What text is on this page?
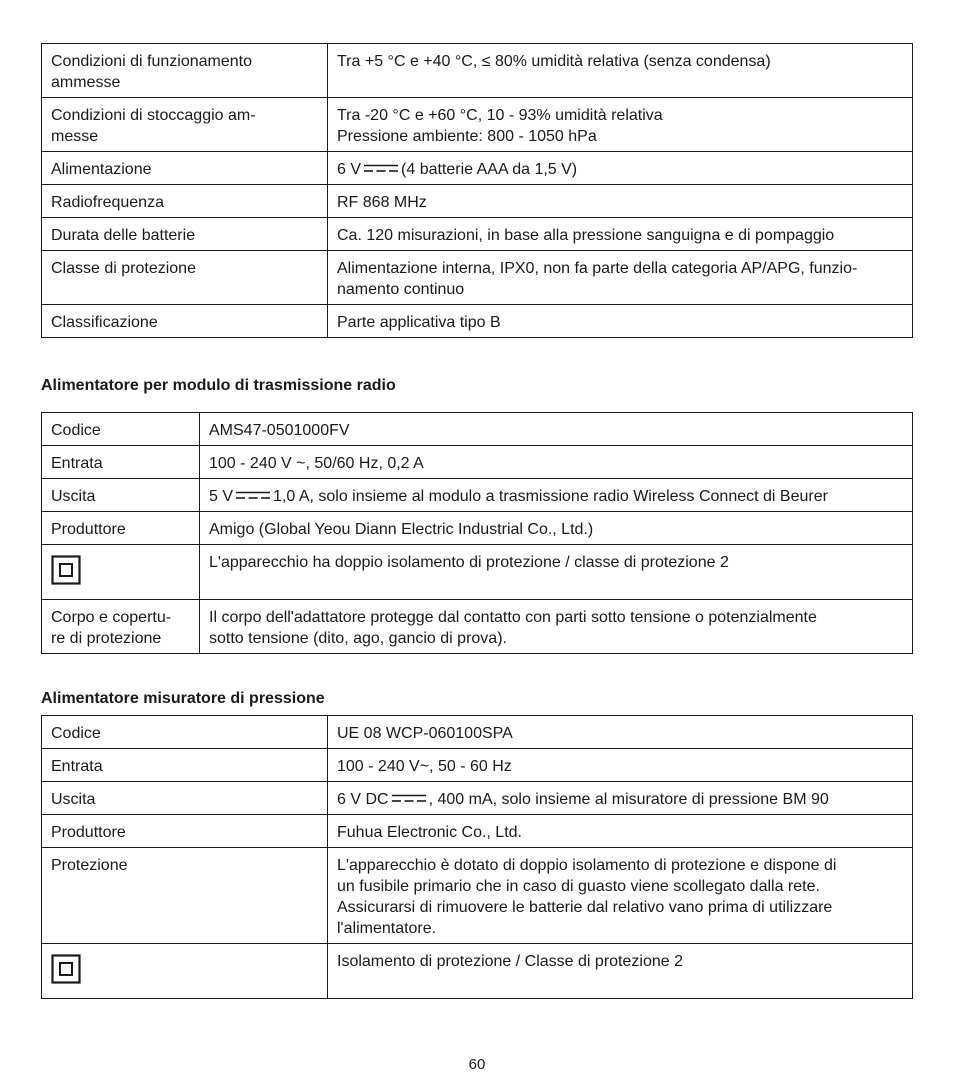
Condizioni di funzionamento
ammesse	Tra +5 °C e +40 °C, ≤ 80% umidità relativa (senza condensa)

Condizioni di stoccaggio am-
messe	Tra -20 °C e +60 °C, 10 - 93% umidità relativa
Pressione ambiente: 800 - 1050 hPa

Alimentazione	6 V (4 batterie AAA da 1,5 V)

Radiofrequenza	RF 868 MHz

Durata delle batterie	Ca. 120 misurazioni, in base alla pressione sanguigna e di pompaggio

Classe di protezione	Alimentazione interna, IPX0, non fa parte della categoria AP/APG, funzio-
namento continuo

Classificazione	Parte applicativa tipo B
Alimentatore per modulo di trasmissione radio
Codice	AMS47-0501000FV

Entrata	100 - 240 V ~, 50/60 Hz, 0,2 A

Uscita	5 V 1,0 A, solo insieme al modulo a trasmissione radio Wireless Connect di Beurer

Produttore	Amigo (Global Yeou Diann Electric Industrial Co., Ltd.)

L'apparecchio ha doppio isolamento di protezione / classe di protezione 2

Corpo e copertu-
re di protezione	Il corpo dell'adattatore protegge dal contatto con parti sotto tensione o potenzialmente
sotto tensione (dito, ago, gancio di prova).
Alimentatore misuratore di pressione
Codice	UE 08 WCP-060100SPA

Entrata	100 - 240 V~, 50 - 60 Hz

Uscita	6 V DC , 400 mA, solo insieme al misuratore di pressione BM 90

Produttore	Fuhua Electronic Co., Ltd.

Protezione	L'apparecchio è dotato di doppio isolamento di protezione e dispone di
un fusibile primario che in caso di guasto viene scollegato dalla rete.
Assicurarsi di rimuovere le batterie dal relativo vano prima di utilizzare
l'alimentatore.

Isolamento di protezione / Classe di protezione 2
60
